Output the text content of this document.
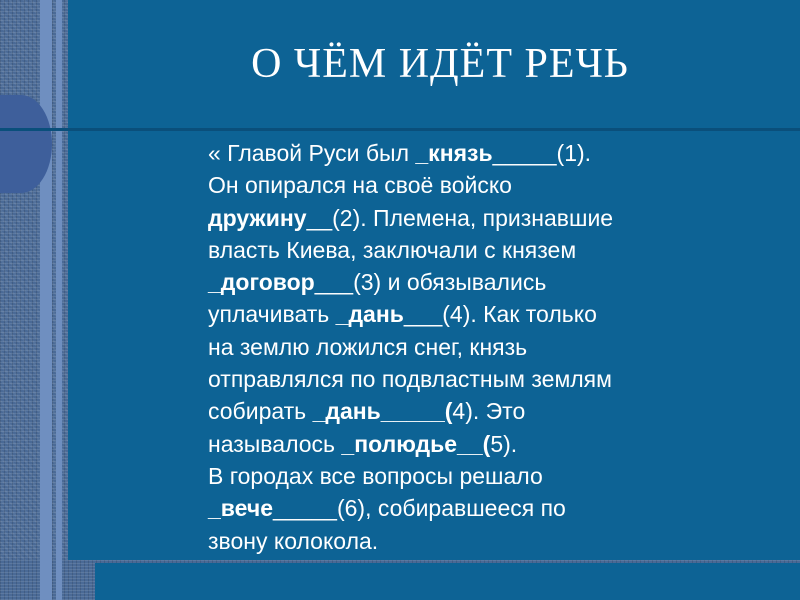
О ЧЁМ ИДЁТ РЕЧЬ
« Главой Руси был _князь_____(1).
Он опирался на своё войско
дружину__(2). Племена, признавшие
власть Киева, заключали с князем
_договор___(3) и обязывались
уплачивать _дань___(4). Как только
на землю ложился снег, князь
отправлялся по подвластным землям
собирать _дань_____(4). Это
называлось _полюдье__(5).
В городах все вопросы решало
_вече_____(6), собиравшееся по
звону колокола.
